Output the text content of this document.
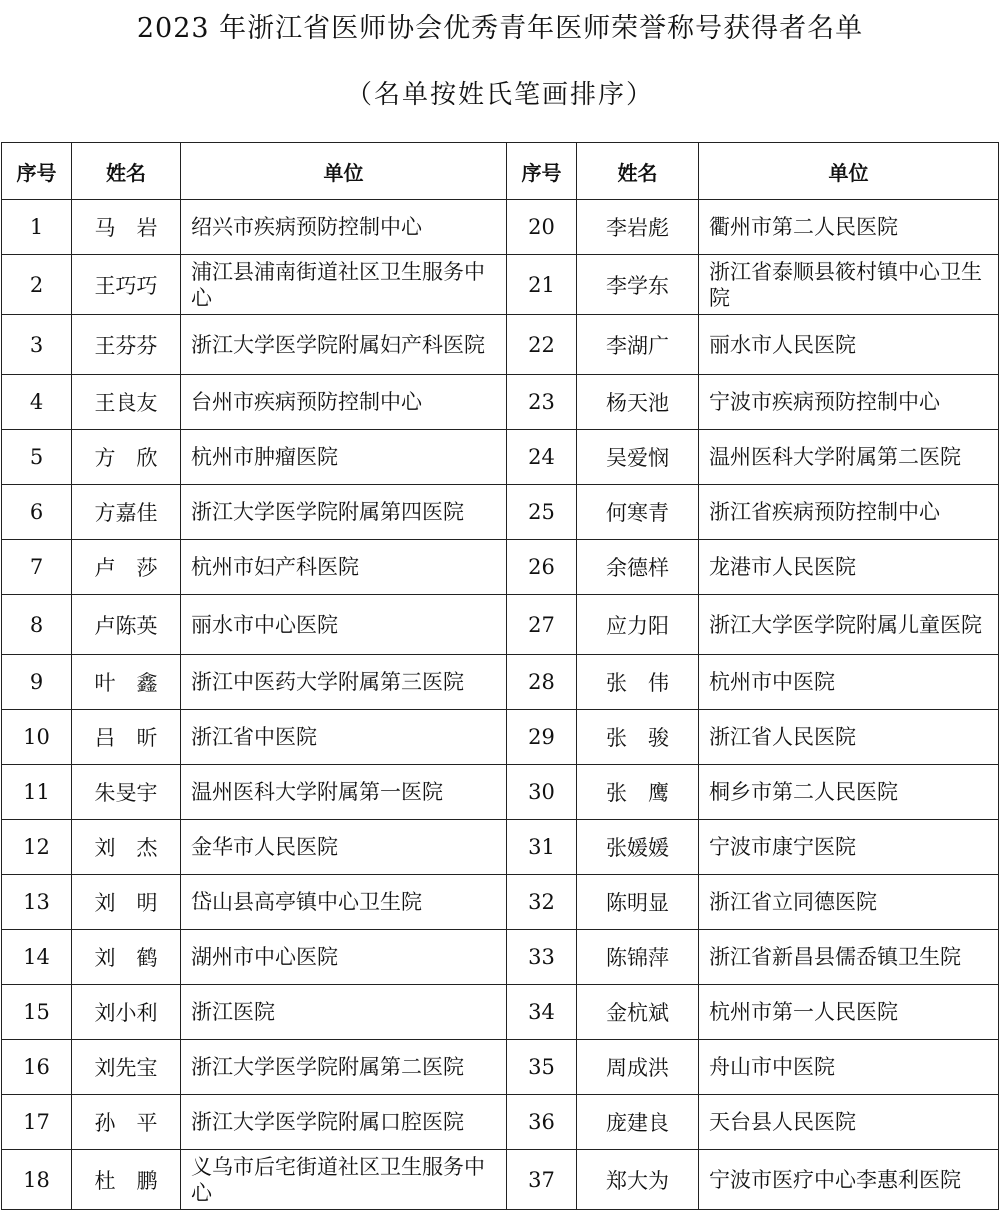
2023 年浙江省医师协会优秀青年医师荣誉称号获得者名单
（名单按姓氏笔画排序）
序号	姓名	单位	序号	姓名	单位
1	马　岩	绍兴市疾病预防控制中心	20	李岩彪	衢州市第二人民医院
2	王巧巧	浦江县浦南街道社区卫生服务中心	21	李学东	浙江省泰顺县筱村镇中心卫生院
3	王芬芬	浙江大学医学院附属妇产科医院	22	李湖广	丽水市人民医院
4	王良友	台州市疾病预防控制中心	23	杨天池	宁波市疾病预防控制中心
5	方　欣	杭州市肿瘤医院	24	吴爱悯	温州医科大学附属第二医院
6	方嘉佳	浙江大学医学院附属第四医院	25	何寒青	浙江省疾病预防控制中心
7	卢　莎	杭州市妇产科医院	26	余德样	龙港市人民医院
8	卢陈英	丽水市中心医院	27	应力阳	浙江大学医学院附属儿童医院
9	叶　鑫	浙江中医药大学附属第三医院	28	张　伟	杭州市中医院
10	吕　昕	浙江省中医院	29	张　骏	浙江省人民医院
11	朱旻宇	温州医科大学附属第一医院	30	张　鹰	桐乡市第二人民医院
12	刘　杰	金华市人民医院	31	张媛媛	宁波市康宁医院
13	刘　明	岱山县高亭镇中心卫生院	32	陈明显	浙江省立同德医院
14	刘　鹤	湖州市中心医院	33	陈锦萍	浙江省新昌县儒岙镇卫生院
15	刘小利	浙江医院	34	金杭斌	杭州市第一人民医院
16	刘先宝	浙江大学医学院附属第二医院	35	周成洪	舟山市中医院
17	孙　平	浙江大学医学院附属口腔医院	36	庞建良	天台县人民医院
18	杜　鹏	义乌市后宅街道社区卫生服务中心	37	郑大为	宁波市医疗中心李惠利医院
